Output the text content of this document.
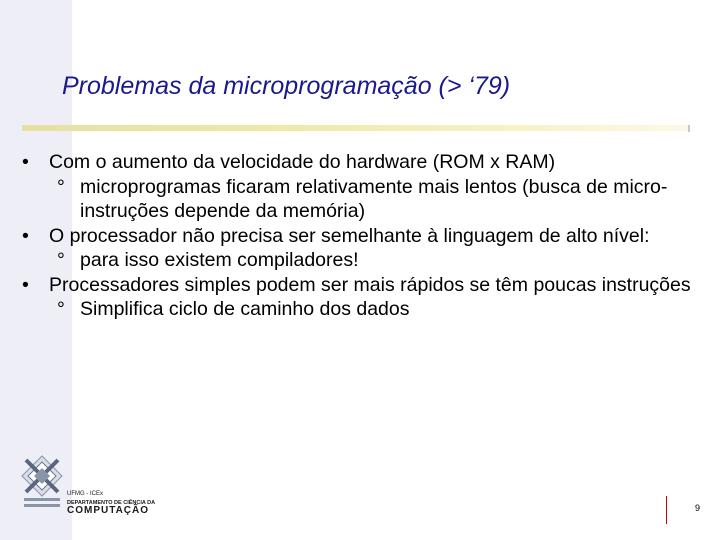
Problemas da microprogramação (> ‘79)

•	Com o aumento da velocidade do hardware (ROM x RAM)

° microprogramas ficaram relativamente mais lentos (busca de micro-instruções depende da memória)

•	O processador não precisa ser semelhante à linguagem de alto nível:

° para isso existem compiladores!

•	Processadores simples podem ser mais rápidos se têm poucas instruções

° Simplifica ciclo de caminho dos dados

UFMG - ICEx
DEPARTAMENTO DE CIÊNCIA DA
COMPUTAÇÃO	9
